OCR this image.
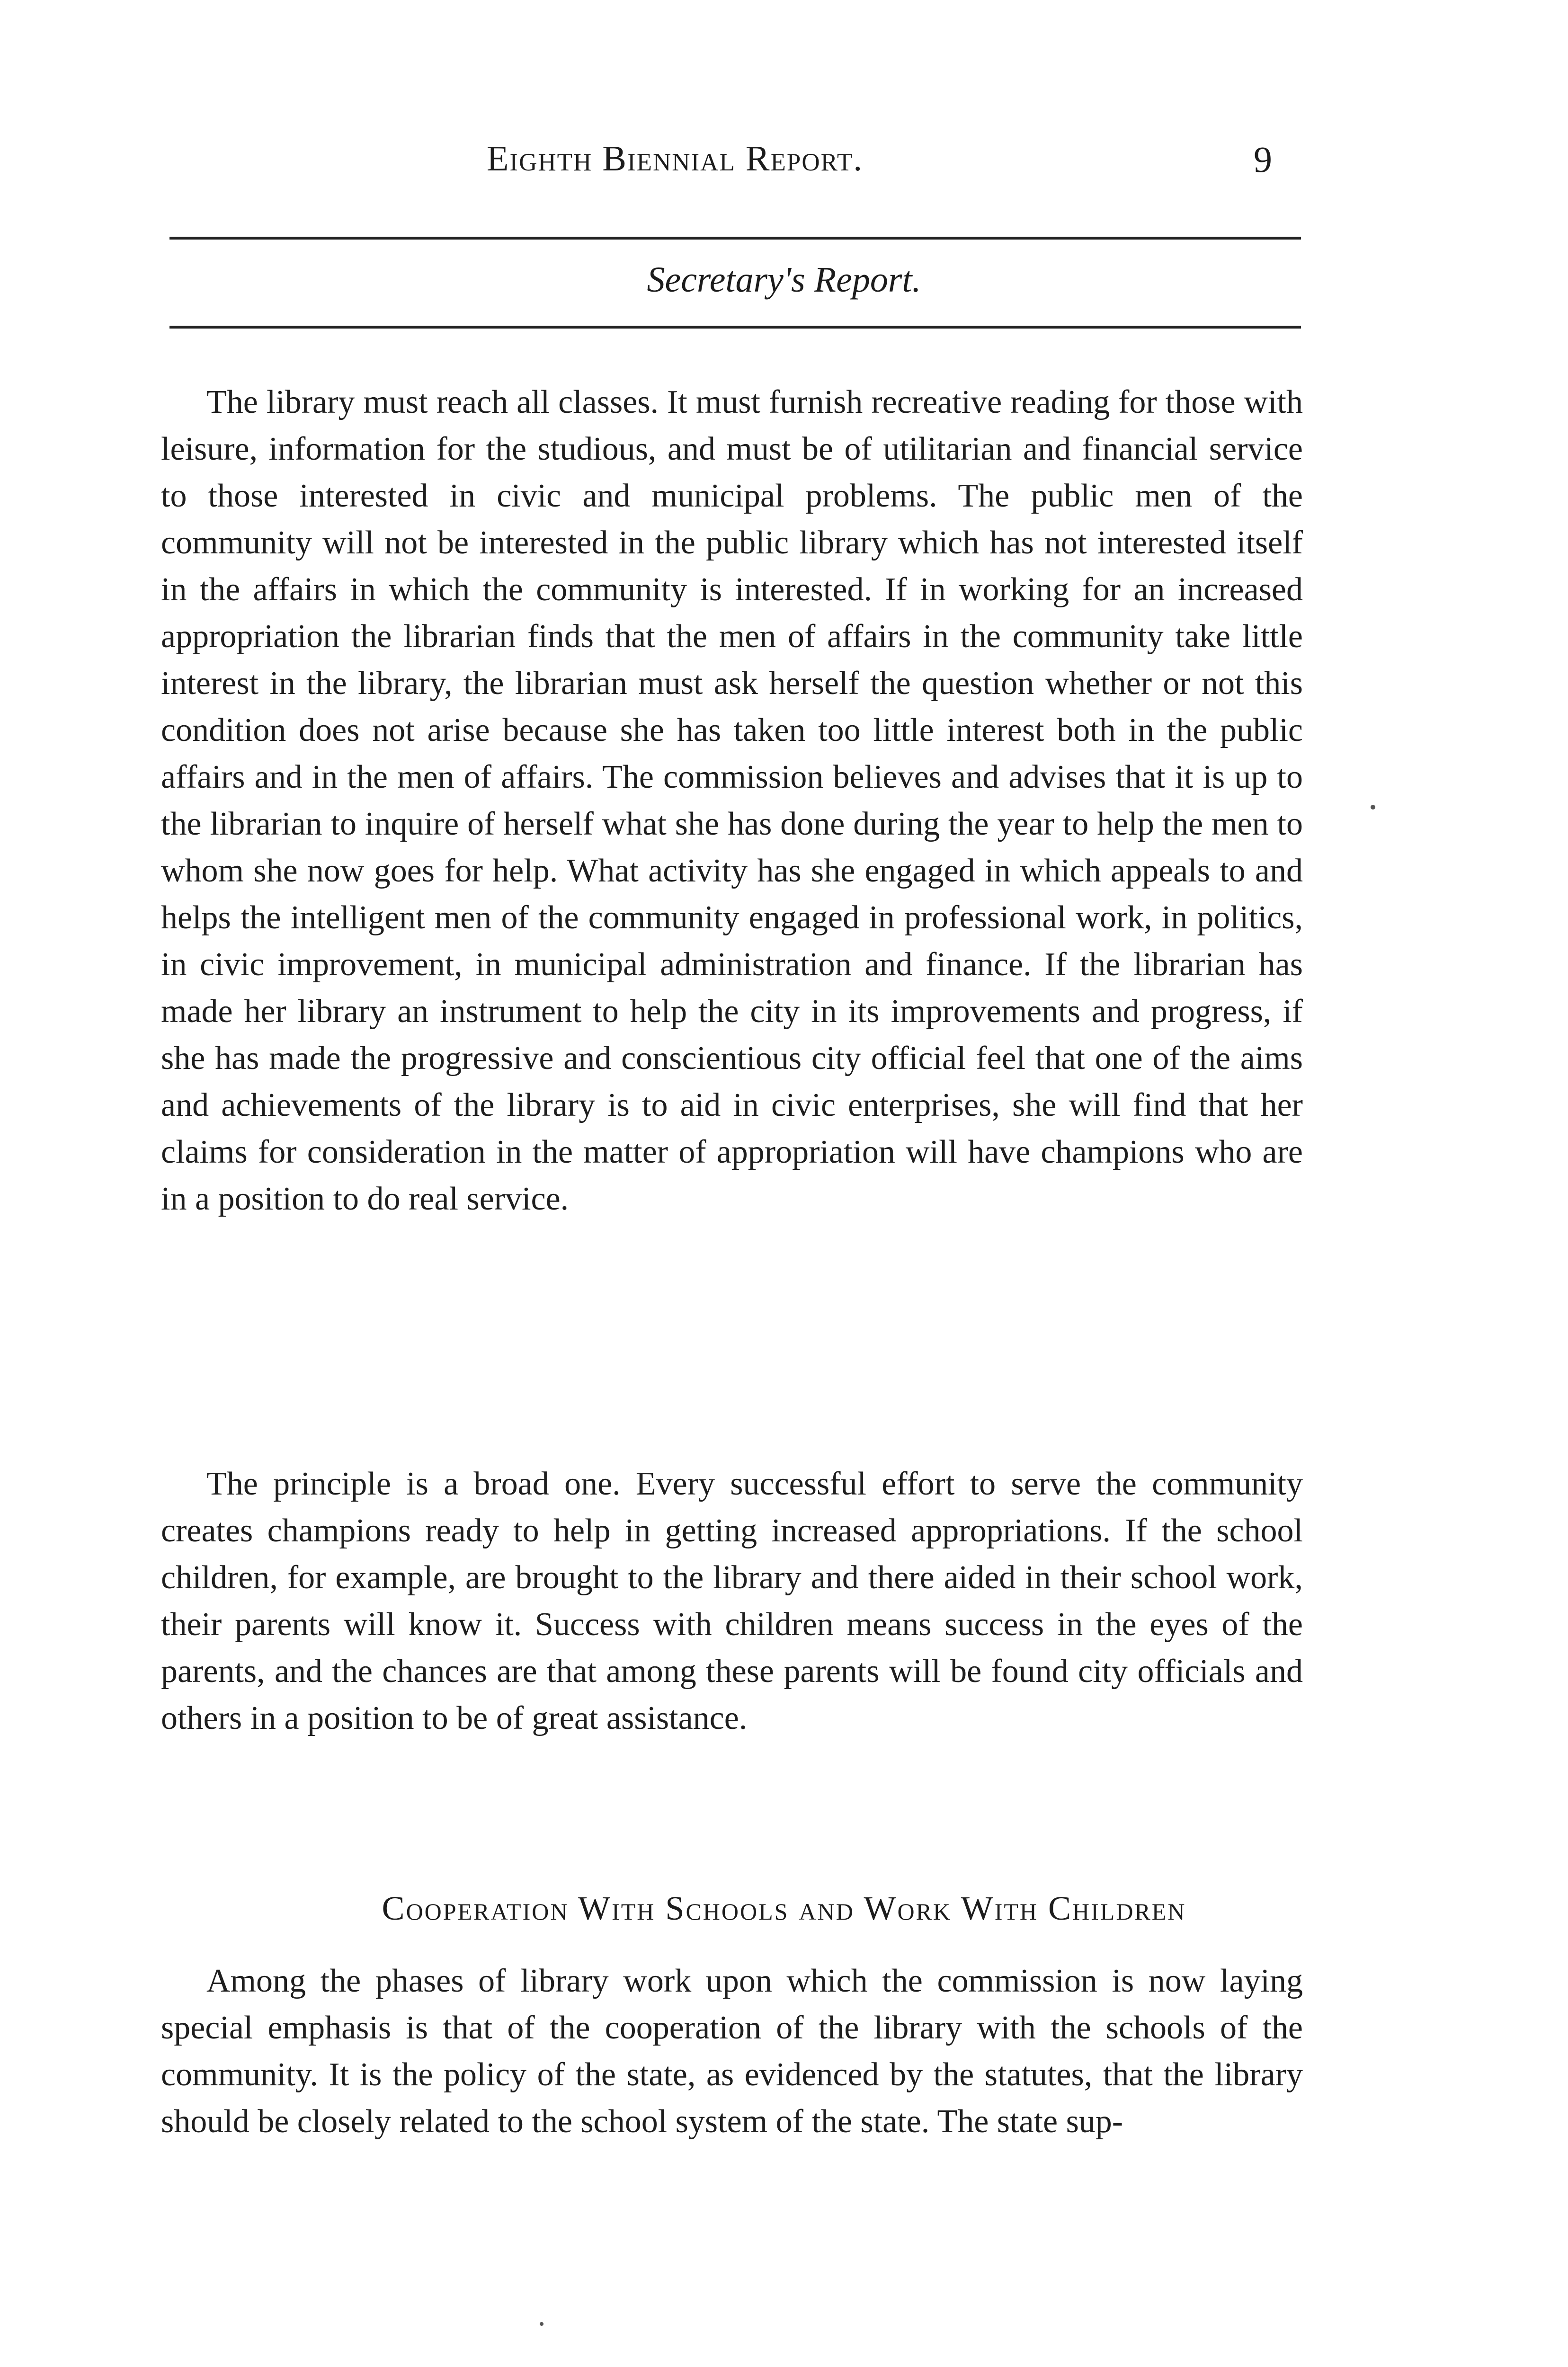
Eighth Biennial Report.	9
Secretary's Report.

The library must reach all classes. It must furnish recreative reading for those with leisure, information for the studious, and must be of utilitarian and financial service to those interested in civic and municipal problems. The public men of the community will not be interested in the public library which has not interested itself in the affairs in which the community is interested. If in working for an increased appropriation the librarian finds that the men of affairs in the community take little interest in the library, the librarian must ask herself the question whether or not this condition does not arise because she has taken too little interest both in the public affairs and in the men of affairs. The commission believes and advises that it is up to the librarian to inquire of herself what she has done during the year to help the men to whom she now goes for help. What activity has she engaged in which appeals to and helps the intelligent men of the community engaged in professional work, in politics, in civic improvement, in municipal administration and finance. If the librarian has made her library an instrument to help the city in its improvements and progress, if she has made the progressive and conscientious city official feel that one of the aims and achievements of the library is to aid in civic enterprises, she will find that her claims for consideration in the matter of appropriation will have champions who are in a position to do real service.

The principle is a broad one. Every successful effort to serve the community creates champions ready to help in getting increased appropriations. If the school children, for example, are brought to the library and there aided in their school work, their parents will know it. Success with children means success in the eyes of the parents, and the chances are that among these parents will be found city officials and others in a position to be of great assistance.

Cooperation With Schools and Work With Children

Among the phases of library work upon which the commission is now laying special emphasis is that of the cooperation of the library with the schools of the community. It is the policy of the state, as evidenced by the statutes, that the library should be closely related to the school system of the state. The state sup-
